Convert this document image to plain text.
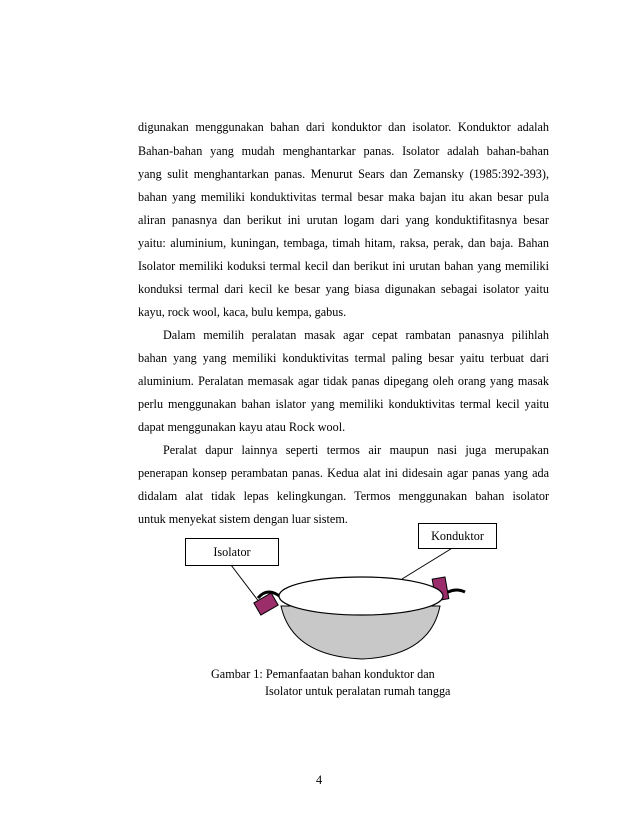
digunakan menggunakan bahan dari konduktor dan isolator. Konduktor adalah
Bahan-bahan yang mudah menghantarkar panas. Isolator adalah bahan-bahan
yang sulit menghantarkan panas. Menurut Sears dan Zemansky (1985:392-393),
bahan yang memiliki konduktivitas termal besar maka bajan itu akan besar pula
aliran panasnya dan berikut ini urutan logam dari yang konduktifitasnya besar
yaitu: aluminium, kuningan, tembaga, timah hitam, raksa, perak, dan baja. Bahan
Isolator memiliki koduksi termal kecil dan berikut ini urutan bahan yang memiliki
konduksi termal dari kecil ke besar yang biasa digunakan sebagai isolator yaitu
kayu, rock wool, kaca, bulu kempa, gabus.
Dalam memilih peralatan masak agar cepat rambatan panasnya pilihlah
bahan yang yang memiliki konduktivitas termal paling besar yaitu terbuat dari
aluminium. Peralatan memasak agar tidak panas dipegang oleh orang yang masak
perlu menggunakan bahan islator yang memiliki konduktivitas termal kecil yaitu
dapat menggunakan kayu atau Rock wool.
Peralat dapur lainnya seperti termos air maupun nasi juga merupakan
penerapan konsep perambatan panas. Kedua alat ini didesain agar panas yang ada
didalam alat tidak lepas kelingkungan. Termos menggunakan bahan isolator
untuk menyekat sistem dengan luar sistem.
Konduktor
Isolator
Gambar 1: Pemanfaatan bahan konduktor dan
Isolator untuk peralatan rumah tangga
4
